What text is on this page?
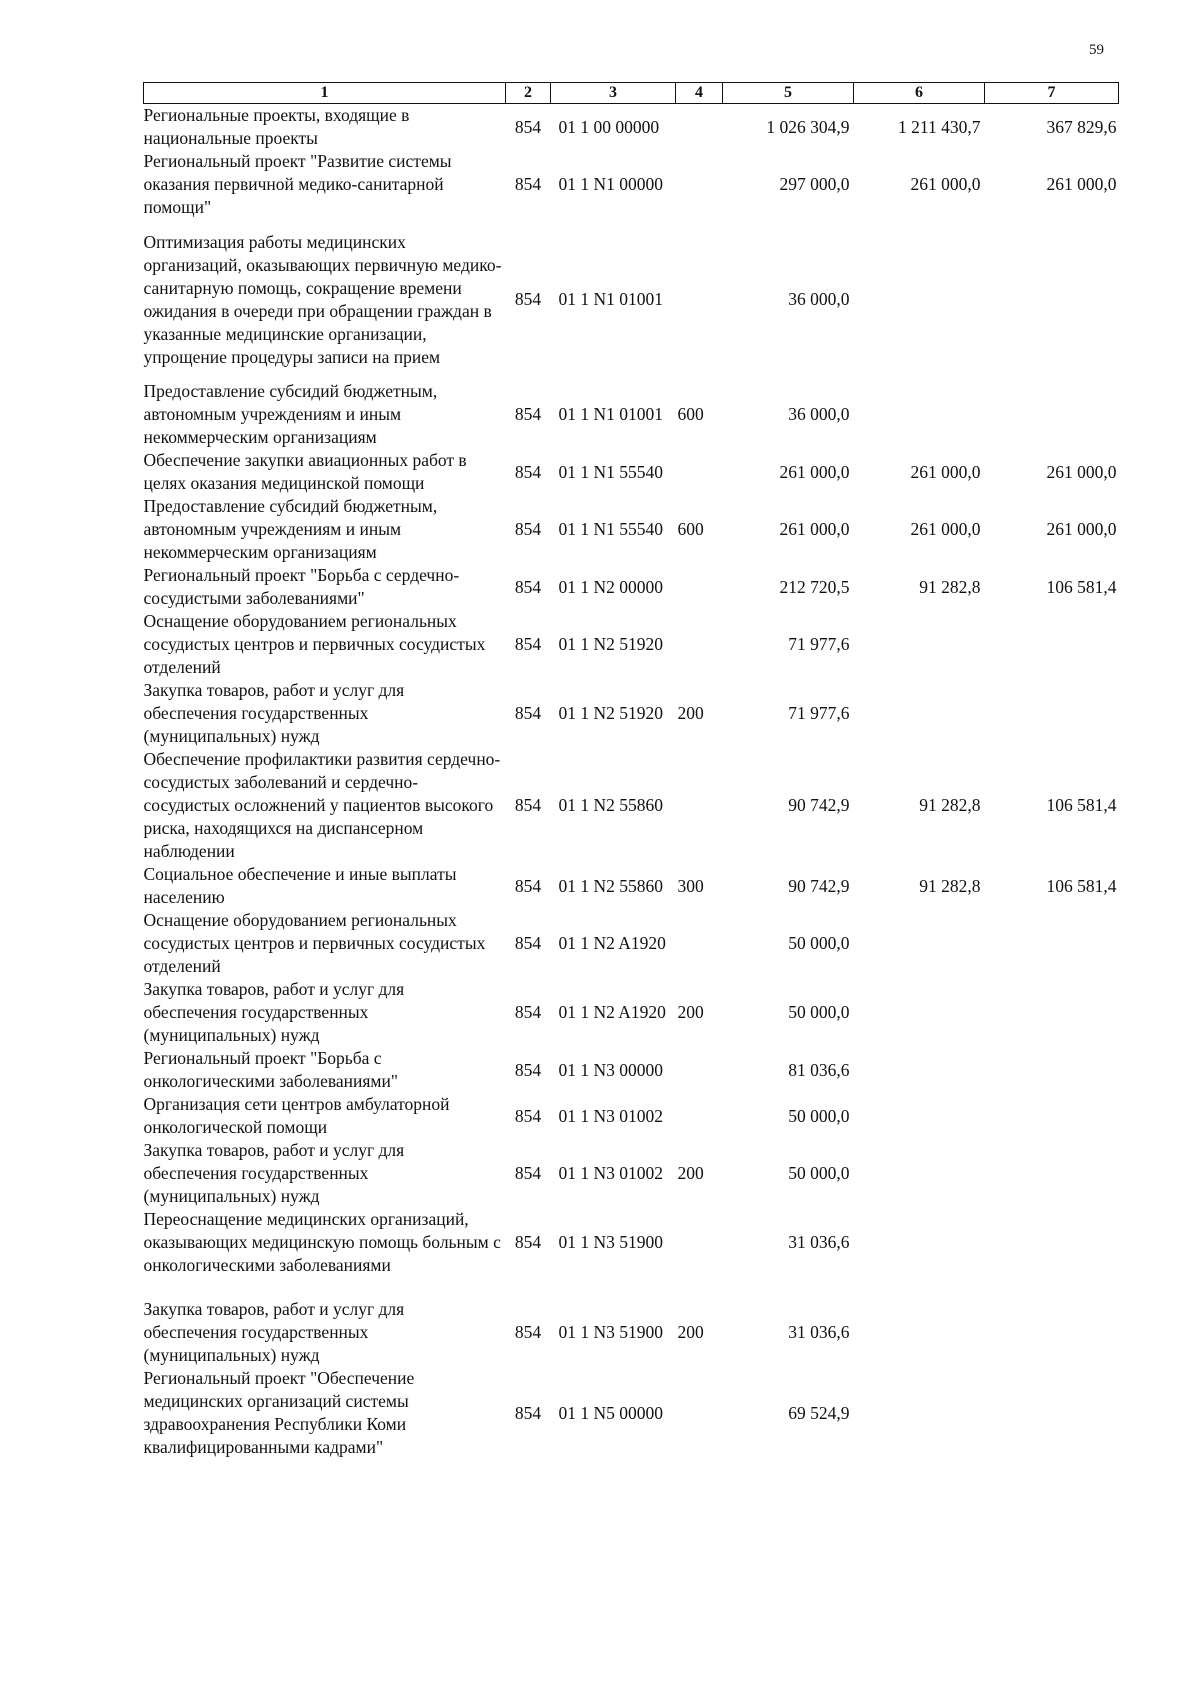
59
1	2	3	4	5	6	7
Региональные проекты, входящие в национальные проекты	854	01 1 00 00000		1 026 304,9	1 211 430,7	367 829,6
Региональный проект "Развитие системы оказания первичной медико-санитарной помощи"	854	01 1 N1 00000		297 000,0	261 000,0	261 000,0
Оптимизация работы медицинских организаций, оказывающих первичную медико-санитарную помощь, сокращение времени ожидания в очереди при обращении граждан в указанные медицинские организации, упрощение процедуры записи на прием	854	01 1 N1 01001		36 000,0		
Предоставление субсидий бюджетным, автономным учреждениям и иным некоммерческим организациям	854	01 1 N1 01001	600	36 000,0		
Обеспечение закупки авиационных работ в целях оказания медицинской помощи	854	01 1 N1 55540		261 000,0	261 000,0	261 000,0
Предоставление субсидий бюджетным, автономным учреждениям и иным некоммерческим организациям	854	01 1 N1 55540	600	261 000,0	261 000,0	261 000,0
Региональный проект "Борьба с сердечно-сосудистыми заболеваниями"	854	01 1 N2 00000		212 720,5	91 282,8	106 581,4
Оснащение оборудованием региональных сосудистых центров и первичных сосудистых отделений	854	01 1 N2 51920		71 977,6		
Закупка товаров, работ и услуг для обеспечения государственных (муниципальных) нужд	854	01 1 N2 51920	200	71 977,6		
Обеспечение профилактики развития сердечно-сосудистых заболеваний и сердечно-сосудистых осложнений у пациентов высокого риска, находящихся на диспансерном наблюдении	854	01 1 N2 55860		90 742,9	91 282,8	106 581,4
Социальное обеспечение и иные выплаты населению	854	01 1 N2 55860	300	90 742,9	91 282,8	106 581,4
Оснащение оборудованием региональных сосудистых центров и первичных сосудистых отделений	854	01 1 N2 A1920		50 000,0		
Закупка товаров, работ и услуг для обеспечения государственных (муниципальных) нужд	854	01 1 N2 A1920	200	50 000,0		
Региональный проект "Борьба с онкологическими заболеваниями"	854	01 1 N3 00000		81 036,6		
Организация сети центров амбулаторной онкологической помощи	854	01 1 N3 01002		50 000,0		
Закупка товаров, работ и услуг для обеспечения государственных (муниципальных) нужд	854	01 1 N3 01002	200	50 000,0		
Переоснащение медицинских организаций, оказывающих медицинскую помощь больным с онкологическими заболеваниями	854	01 1 N3 51900		31 036,6		
Закупка товаров, работ и услуг для обеспечения государственных (муниципальных) нужд	854	01 1 N3 51900	200	31 036,6		
Региональный проект "Обеспечение медицинских организаций системы здравоохранения Республики Коми квалифицированными кадрами"	854	01 1 N5 00000		69 524,9		
